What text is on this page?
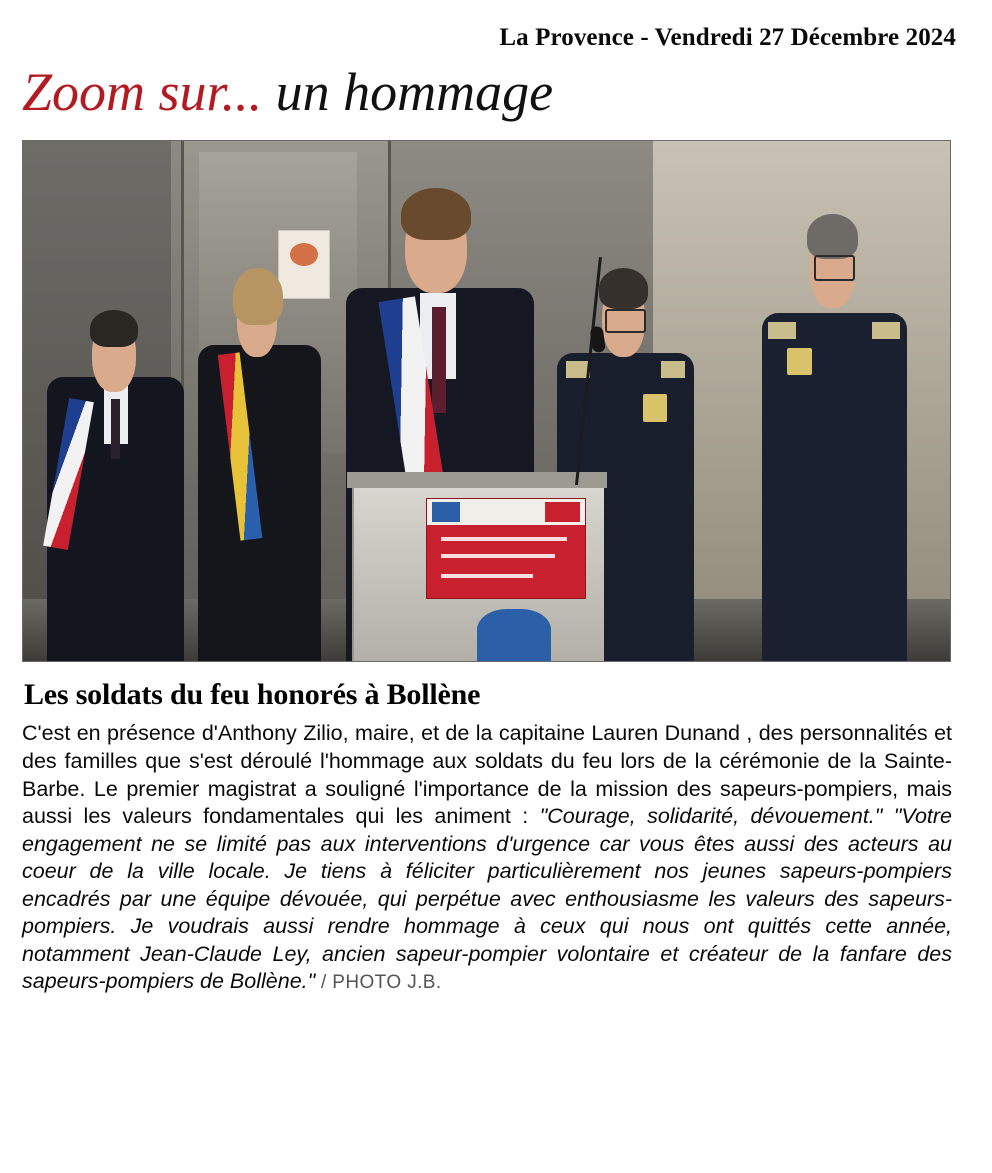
La Provence - Vendredi 27 Décembre 2024
Zoom sur... un hommage
Les soldats du feu honorés à Bollène
C'est en présence d'Anthony Zilio, maire, et de la capitaine Lauren Dunand , des personnalités et des familles que s'est déroulé l'hommage aux soldats du feu lors de la cérémonie de la Sainte-Barbe. Le premier magistrat a souligné l'importance de la mission des sapeurs-pompiers, mais aussi les valeurs fondamentales qui les animent : "Courage, solidarité, dévouement." "Votre engagement ne se limité pas aux interventions d'urgence car vous êtes aussi des acteurs au coeur de la ville locale. Je tiens à féliciter particulièrement nos jeunes sapeurs-pompiers encadrés par une équipe dévouée, qui perpétue avec enthousiasme les valeurs des sapeurs-pompiers. Je voudrais aussi rendre hommage à ceux qui nous ont quittés cette année, notamment Jean-Claude Ley, ancien sapeur-pompier volontaire et créateur de la fanfare des sapeurs-pompiers de Bollène." / PHOTO J.B.
